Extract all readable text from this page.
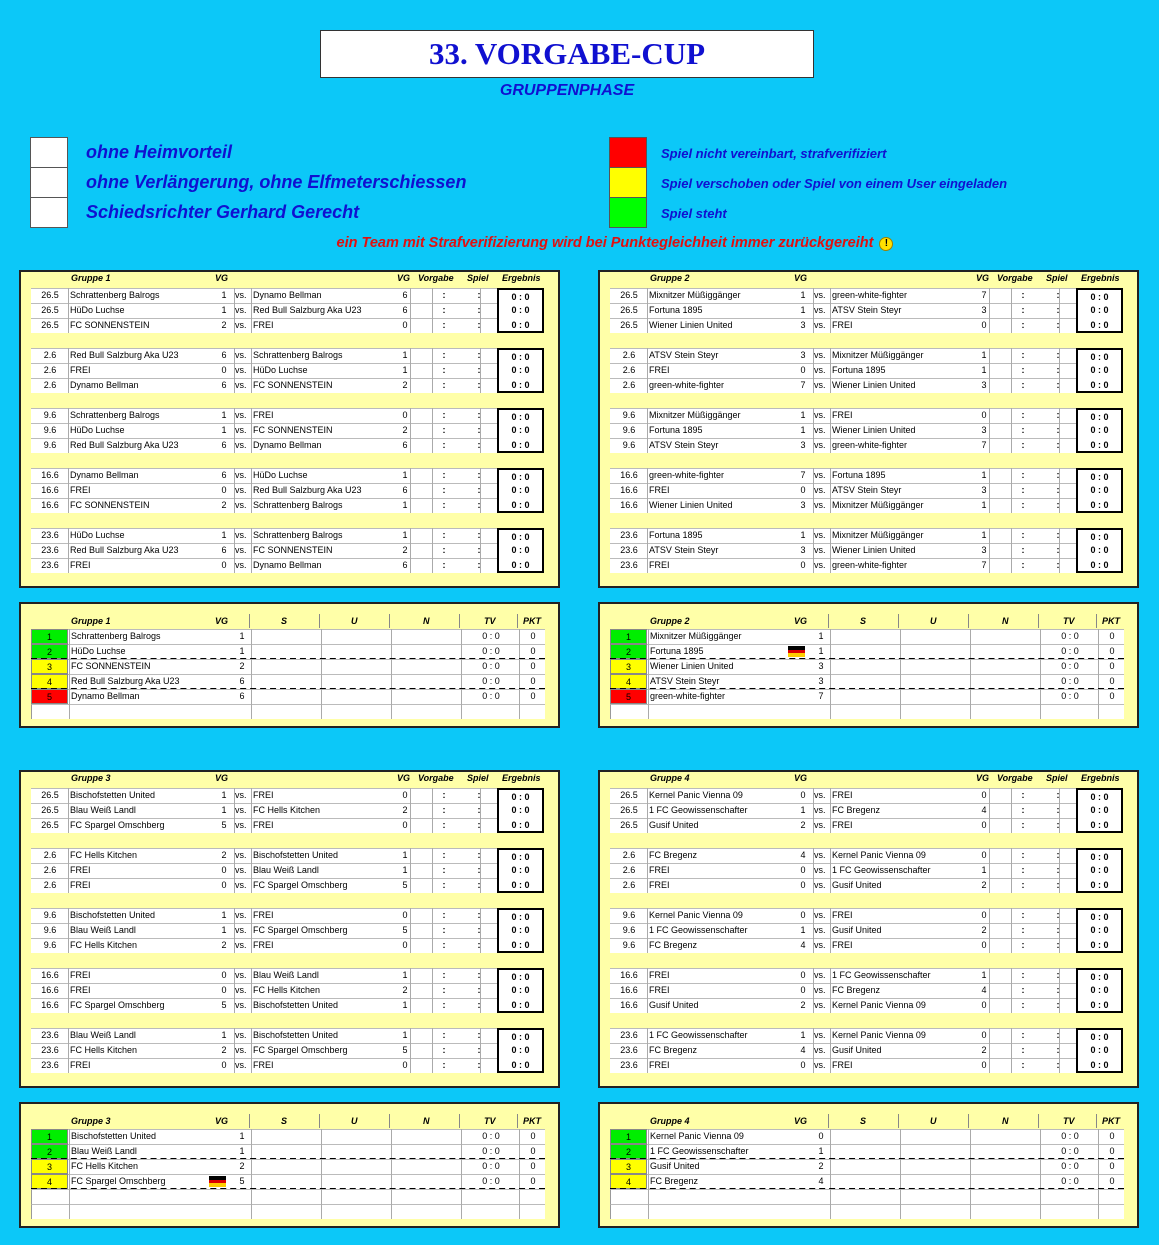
33. VORGABE-CUP
GRUPPENPHASE
ohne Heimvorteil
ohne Verlängerung, ohne Elfmeterschiessen
Schiedsrichter Gerhard Gerecht
Spiel nicht vereinbart, strafverifiziert
Spiel verschoben oder Spiel von einem User eingeladen
Spiel steht
ein Team mit Strafverifizierung wird bei Punktegleichheit immer zurückgereiht !
Gruppe 1	VG	VG Vorgabe Spiel Ergebnis
26.5	Schrattenberg Balrogs	1 vs. Dynamo Bellman	6	:	:	0 : 0
26.5	HüDo Luchse	1 vs. Red Bull Salzburg Aka U23	6	:	:	0 : 0
26.5	FC SONNENSTEIN	2 vs. FREI	0	:	:	0 : 0
2.6	Red Bull Salzburg Aka U23	6 vs. Schrattenberg Balrogs	1	:	:	0 : 0
2.6	FREI	0 vs. HüDo Luchse	1	:	:	0 : 0
2.6	Dynamo Bellman	6 vs. FC SONNENSTEIN	2	:	:	0 : 0
9.6	Schrattenberg Balrogs	1 vs. FREI	0	:	:	0 : 0
9.6	HüDo Luchse	1 vs. FC SONNENSTEIN	2	:	:	0 : 0
9.6	Red Bull Salzburg Aka U23	6 vs. Dynamo Bellman	6	:	:	0 : 0
16.6	Dynamo Bellman	6 vs. HüDo Luchse	1	:	:	0 : 0
16.6	FREI	0 vs. Red Bull Salzburg Aka U23	6	:	:	0 : 0
16.6	FC SONNENSTEIN	2 vs. Schrattenberg Balrogs	1	:	:	0 : 0
23.6	HüDo Luchse	1 vs. Schrattenberg Balrogs	1	:	:	0 : 0
23.6	Red Bull Salzburg Aka U23	6 vs. FC SONNENSTEIN	2	:	:	0 : 0
23.6	FREI	0 vs. Dynamo Bellman	6	:	:	0 : 0
Gruppe 1	VG	S	U	N	TV	PKT
1	Schrattenberg Balrogs	1	0 : 0	0
2	HüDo Luchse	1	0 : 0	0
3	FC SONNENSTEIN	2	0 : 0	0
4	Red Bull Salzburg Aka U23	6	0 : 0	0
5	Dynamo Bellman	6	0 : 0	0
Gruppe 2	VG	VG Vorgabe Spiel Ergebnis
26.5	Mixnitzer Müßiggänger	1 vs. green-white-fighter	7	:	:	0 : 0
26.5	Fortuna 1895	1 vs. ATSV Stein Steyr	3	:	:	0 : 0
26.5	Wiener Linien United	3 vs. FREI	0	:	:	0 : 0
2.6	ATSV Stein Steyr	3 vs. Mixnitzer Müßiggänger	1	:	:	0 : 0
2.6	FREI	0 vs. Fortuna 1895	1	:	:	0 : 0
2.6	green-white-fighter	7 vs. Wiener Linien United	3	:	:	0 : 0
9.6	Mixnitzer Müßiggänger	1 vs. FREI	0	:	:	0 : 0
9.6	Fortuna 1895	1 vs. Wiener Linien United	3	:	:	0 : 0
9.6	ATSV Stein Steyr	3 vs. green-white-fighter	7	:	:	0 : 0
16.6	green-white-fighter	7 vs. Fortuna 1895	1	:	:	0 : 0
16.6	FREI	0 vs. ATSV Stein Steyr	3	:	:	0 : 0
16.6	Wiener Linien United	3 vs. Mixnitzer Müßiggänger	1	:	:	0 : 0
23.6	Fortuna 1895	1 vs. Mixnitzer Müßiggänger	1	:	:	0 : 0
23.6	ATSV Stein Steyr	3 vs. Wiener Linien United	3	:	:	0 : 0
23.6	FREI	0 vs. green-white-fighter	7	:	:	0 : 0
Gruppe 2	VG	S	U	N	TV	PKT
1	Mixnitzer Müßiggänger	1	0 : 0	0
2	Fortuna 1895	1	0 : 0	0
3	Wiener Linien United	3	0 : 0	0
4	ATSV Stein Steyr	3	0 : 0	0
5	green-white-fighter	7	0 : 0	0
Gruppe 3	VG	VG Vorgabe Spiel Ergebnis
26.5	Bischofstetten United	1 vs. FREI	0	:	:	0 : 0
26.5	Blau Weiß Landl	1 vs. FC Hells Kitchen	2	:	:	0 : 0
26.5	FC Spargel Omschberg	5 vs. FREI	0	:	:	0 : 0
2.6	FC Hells Kitchen	2 vs. Bischofstetten United	1	:	:	0 : 0
2.6	FREI	0 vs. Blau Weiß Landl	1	:	:	0 : 0
2.6	FREI	0 vs. FC Spargel Omschberg	5	:	:	0 : 0
9.6	Bischofstetten United	1 vs. FREI	0	:	:	0 : 0
9.6	Blau Weiß Landl	1 vs. FC Spargel Omschberg	5	:	:	0 : 0
9.6	FC Hells Kitchen	2 vs. FREI	0	:	:	0 : 0
16.6	FREI	0 vs. Blau Weiß Landl	1	:	:	0 : 0
16.6	FREI	0 vs. FC Hells Kitchen	2	:	:	0 : 0
16.6	FC Spargel Omschberg	5 vs. Bischofstetten United	1	:	:	0 : 0
23.6	Blau Weiß Landl	1 vs. Bischofstetten United	1	:	:	0 : 0
23.6	FC Hells Kitchen	2 vs. FC Spargel Omschberg	5	:	:	0 : 0
23.6	FREI	0 vs. FREI	0	:	:	0 : 0
Gruppe 3	VG	S	U	N	TV	PKT
1	Bischofstetten United	1	0 : 0	0
2	Blau Weiß Landl	1	0 : 0	0
3	FC Hells Kitchen	2	0 : 0	0
4	FC Spargel Omschberg	5	0 : 0	0
Gruppe 4	VG	VG Vorgabe Spiel Ergebnis
26.5	Kernel Panic Vienna 09	0 vs. FREI	0	:	:	0 : 0
26.5	1 FC Geowissenschafter	1 vs. FC Bregenz	4	:	:	0 : 0
26.5	Gusif United	2 vs. FREI	0	:	:	0 : 0
2.6	FC Bregenz	4 vs. Kernel Panic Vienna 09	0	:	:	0 : 0
2.6	FREI	0 vs. 1 FC Geowissenschafter	1	:	:	0 : 0
2.6	FREI	0 vs. Gusif United	2	:	:	0 : 0
9.6	Kernel Panic Vienna 09	0 vs. FREI	0	:	:	0 : 0
9.6	1 FC Geowissenschafter	1 vs. Gusif United	2	:	:	0 : 0
9.6	FC Bregenz	4 vs. FREI	0	:	:	0 : 0
16.6	FREI	0 vs. 1 FC Geowissenschafter	1	:	:	0 : 0
16.6	FREI	0 vs. FC Bregenz	4	:	:	0 : 0
16.6	Gusif United	2 vs. Kernel Panic Vienna 09	0	:	:	0 : 0
23.6	1 FC Geowissenschafter	1 vs. Kernel Panic Vienna 09	0	:	:	0 : 0
23.6	FC Bregenz	4 vs. Gusif United	2	:	:	0 : 0
23.6	FREI	0 vs. FREI	0	:	:	0 : 0
Gruppe 4	VG	S	U	N	TV	PKT
1	Kernel Panic Vienna 09	0	0 : 0	0
2	1 FC Geowissenschafter	1	0 : 0	0
3	Gusif United	2	0 : 0	0
4	FC Bregenz	4	0 : 0	0
